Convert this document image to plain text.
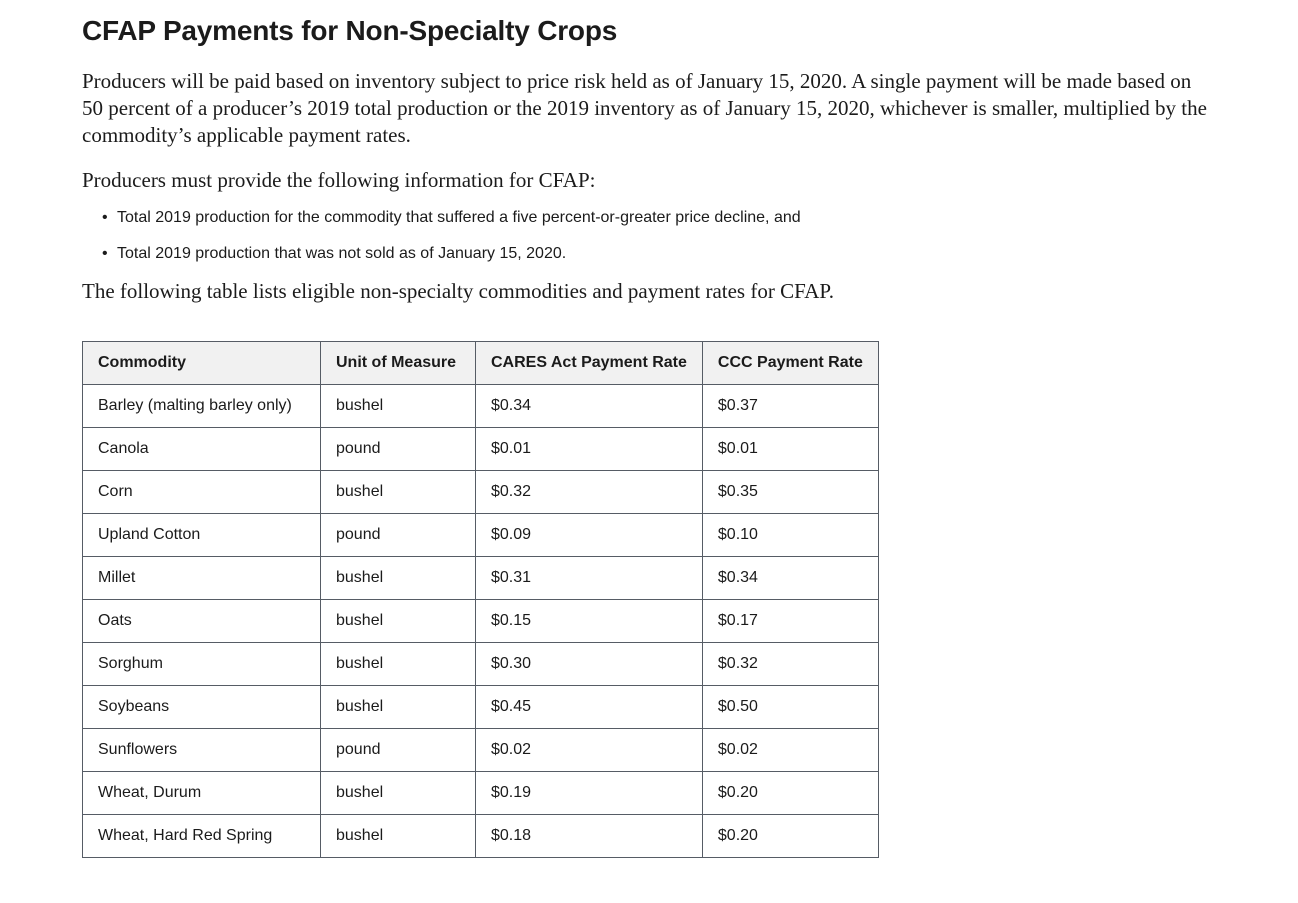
CFAP Payments for Non-Specialty Crops

Producers will be paid based on inventory subject to price risk held as of January 15, 2020. A single payment will be made based on 50 percent of a producer’s 2019 total production or the 2019 inventory as of January 15, 2020, whichever is smaller, multiplied by the commodity’s applicable payment rates.

Producers must provide the following information for CFAP:

• Total 2019 production for the commodity that suffered a five percent-or-greater price decline, and
• Total 2019 production that was not sold as of January 15, 2020.

The following table lists eligible non-specialty commodities and payment rates for CFAP.

Commodity	Unit of Measure	CARES Act Payment Rate	CCC Payment Rate
Barley (malting barley only)	bushel	$0.34	$0.37
Canola	pound	$0.01	$0.01
Corn	bushel	$0.32	$0.35
Upland Cotton	pound	$0.09	$0.10
Millet	bushel	$0.31	$0.34
Oats	bushel	$0.15	$0.17
Sorghum	bushel	$0.30	$0.32
Soybeans	bushel	$0.45	$0.50
Sunflowers	pound	$0.02	$0.02
Wheat, Durum	bushel	$0.19	$0.20
Wheat, Hard Red Spring	bushel	$0.18	$0.20
